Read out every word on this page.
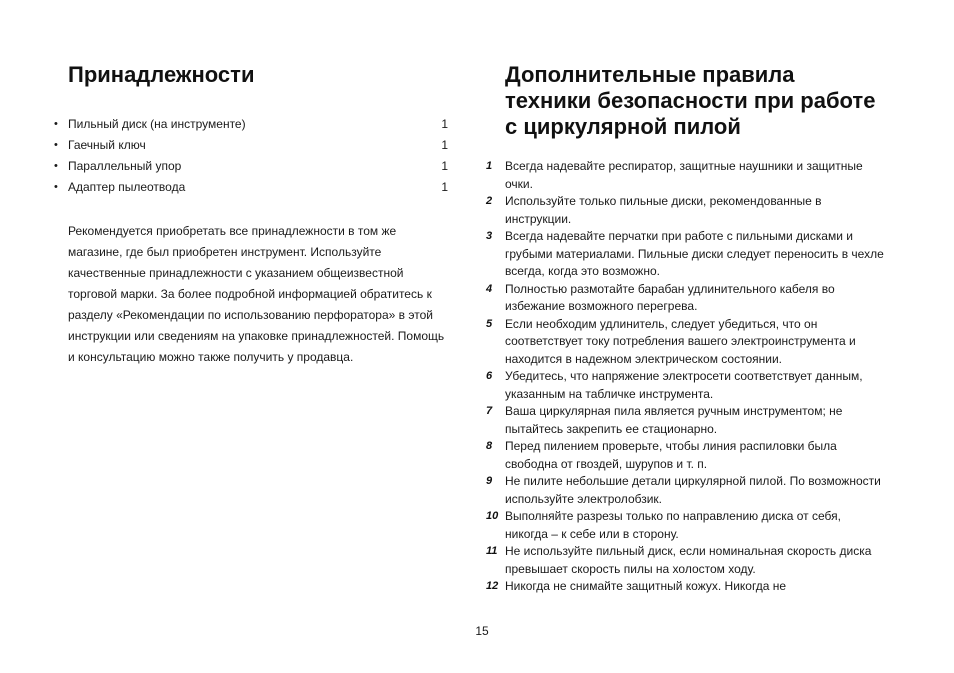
Принадлежности
• Пильный диск (на инструменте)	1
• Гаечный ключ	1
• Параллельный упор	1
• Адаптер пылеотвода	1

Рекомендуется приобретать все принадлежности в том же магазине, где был приобретен инструмент. Используйте качественные принадлежности с указанием общеизвестной торговой марки. За более подробной информацией обратитесь к разделу «Рекомендации по использованию перфоратора» в этой инструкции или сведениям на упаковке принадлежностей. Помощь и консультацию можно также получить у продавца.

Дополнительные правила техники безопасности при работе с циркулярной пилой
1	Всегда надевайте респиратор, защитные наушники и защитные очки.
2	Используйте только пильные диски, рекомендованные в инструкции.
3	Всегда надевайте перчатки при работе с пильными дисками и грубыми материалами. Пильные диски следует переносить в чехле всегда, когда это возможно.
4	Полностью размотайте барабан удлинительного кабеля во избежание возможного перегрева.
5	Если необходим удлинитель, следует убедиться, что он соответствует току потребления вашего электроинструмента и находится в надежном электрическом состоянии.
6	Убедитесь, что напряжение электросети соответствует данным, указанным на табличке инструмента.
7	Ваша циркулярная пила является ручным инструментом; не пытайтесь закрепить ее стационарно.
8	Перед пилением проверьте, чтобы линия распиловки была свободна от гвоздей, шурупов и т. п.
9	Не пилите небольшие детали циркулярной пилой. По возможности используйте электролобзик.
10 Выполняйте разрезы только по направлению диска от себя, никогда – к себе или в сторону.
11 Не используйте пильный диск, если номинальная скорость диска превышает скорость пилы на холостом ходу.
12 Никогда не снимайте защитный кожух. Никогда не
15
